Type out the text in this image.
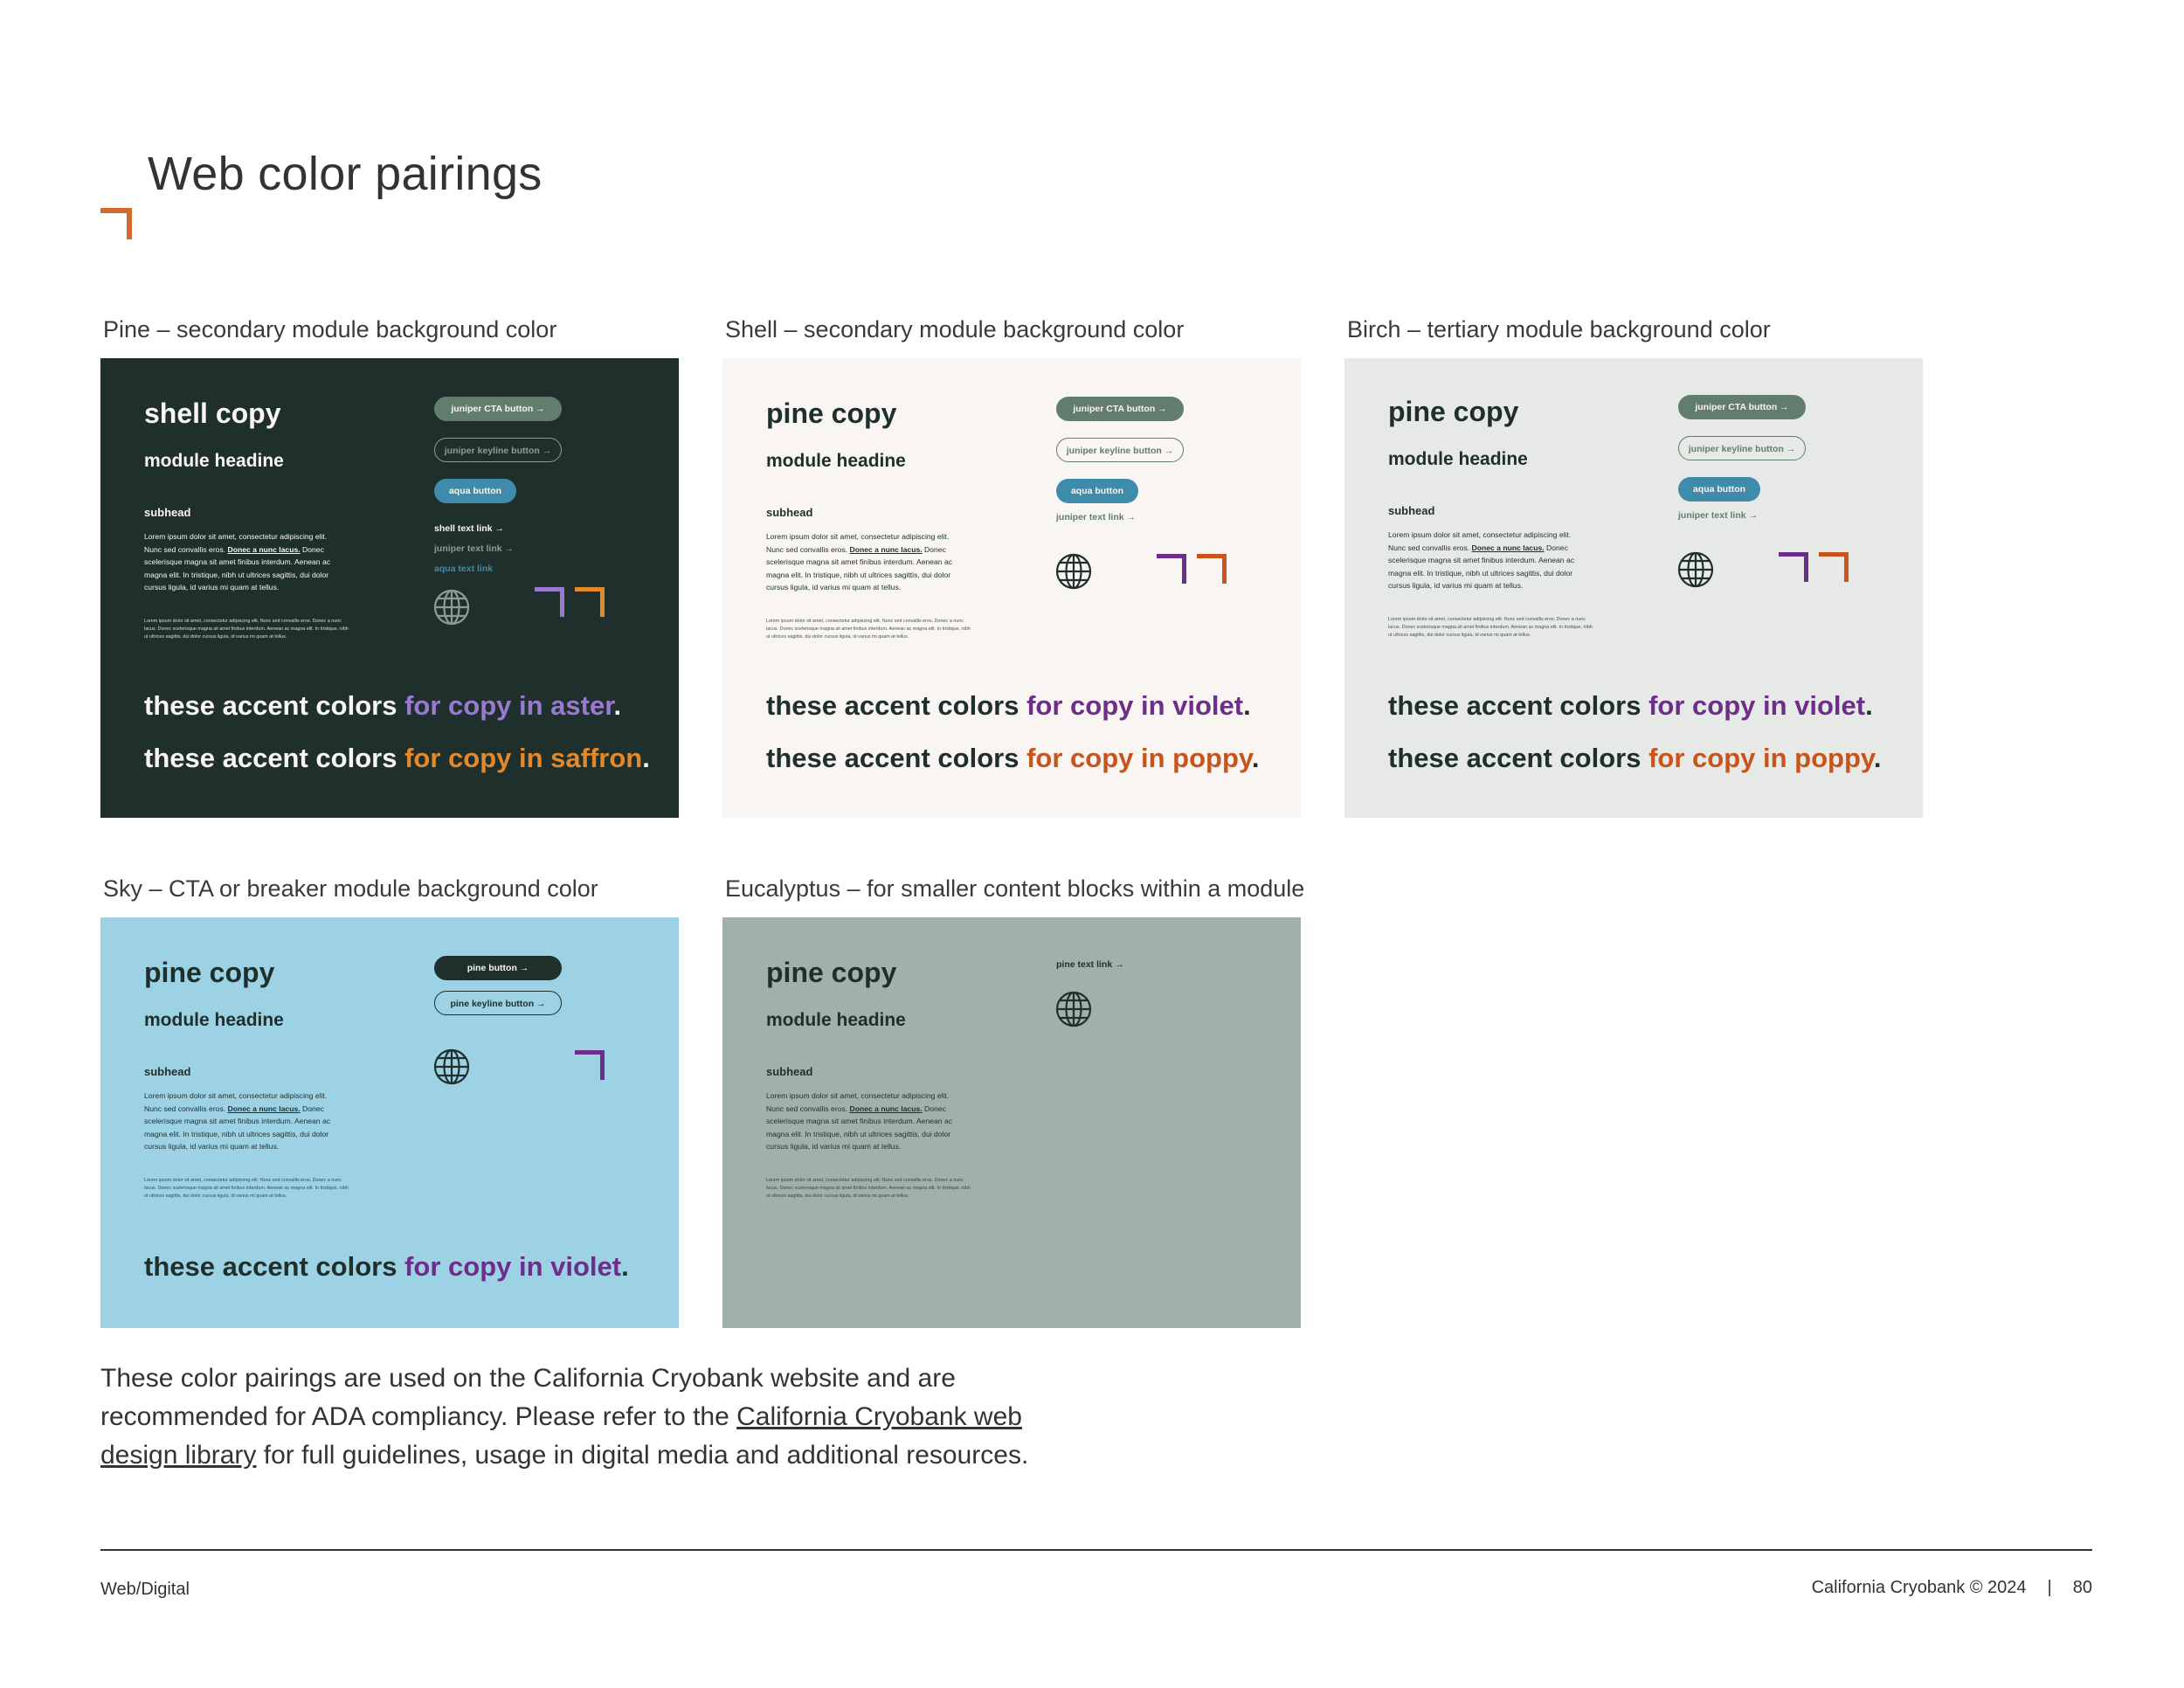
Web color pairings
Pine – secondary module background color
shell copy
module headine
subhead
Lorem ipsum dolor sit amet, consectetur adipiscing elit. Nunc sed convallis eros. Donec a nunc lacus. Donec scelerisque magna sit amet finibus interdum. Aenean ac magna elit. In tristique, nibh ut ultrices sagittis, dui dolor cursus ligula, id varius mi quam at tellus.
Lorem ipsum dolor sit amet, consectetur adipiscing elit. Nunc sed convallis eros. Donec a nunc lacus. Donec scelerisque magna sit amet finibus interdum. Aenean ac magna elit. In tristique, nibh ut ultrices sagittis, dui dolor cursus ligula, id varius mi quam at tellus.
juniper CTA button →
juniper keyline button →
aqua button
shell text link →
juniper text link →
aqua text link
these accent colors for copy in aster.
these accent colors for copy in saffron.
Shell – secondary module background color
pine copy
module headine
subhead
Lorem ipsum dolor sit amet, consectetur adipiscing elit. Nunc sed convallis eros. Donec a nunc lacus. Donec scelerisque magna sit amet finibus interdum. Aenean ac magna elit. In tristique, nibh ut ultrices sagittis, dui dolor cursus ligula, id varius mi quam at tellus.
Lorem ipsum dolor sit amet, consectetur adipiscing elit. Nunc sed convallis eros. Donec a nunc lacus. Donec scelerisque magna sit amet finibus interdum. Aenean ac magna elit. In tristique, nibh ut ultrices sagittis, dui dolor cursus ligula, id varius mi quam at tellus.
juniper CTA button →
juniper keyline button →
aqua button
juniper text link →
these accent colors for copy in violet.
these accent colors for copy in poppy.
Birch – tertiary module background color
pine copy
module headine
subhead
Lorem ipsum dolor sit amet, consectetur adipiscing elit. Nunc sed convallis eros. Donec a nunc lacus. Donec scelerisque magna sit amet finibus interdum. Aenean ac magna elit. In tristique, nibh ut ultrices sagittis, dui dolor cursus ligula, id varius mi quam at tellus.
Lorem ipsum dolor sit amet, consectetur adipiscing elit. Nunc sed convallis eros. Donec a nunc lacus. Donec scelerisque magna sit amet finibus interdum. Aenean ac magna elit. In tristique, nibh ut ultrices sagittis, dui dolor cursus ligula, id varius mi quam at tellus.
juniper CTA button →
juniper keyline button →
aqua button
juniper text link →
these accent colors for copy in violet.
these accent colors for copy in poppy.
Sky – CTA or breaker module background color
pine copy
module headine
subhead
Lorem ipsum dolor sit amet, consectetur adipiscing elit. Nunc sed convallis eros. Donec a nunc lacus. Donec scelerisque magna sit amet finibus interdum. Aenean ac magna elit. In tristique, nibh ut ultrices sagittis, dui dolor cursus ligula, id varius mi quam at tellus.
Lorem ipsum dolor sit amet, consectetur adipiscing elit. Nunc sed convallis eros. Donec a nunc lacus. Donec scelerisque magna sit amet finibus interdum. Aenean ac magna elit. In tristique, nibh ut ultrices sagittis, dui dolor cursus ligula, id varius mi quam at tellus.
pine button →
pine keyline button →
these accent colors for copy in violet.
Eucalyptus – for smaller content blocks within a module
pine copy
module headine
subhead
Lorem ipsum dolor sit amet, consectetur adipiscing elit. Nunc sed convallis eros. Donec a nunc lacus. Donec scelerisque magna sit amet finibus interdum. Aenean ac magna elit. In tristique, nibh ut ultrices sagittis, dui dolor cursus ligula, id varius mi quam at tellus.
Lorem ipsum dolor sit amet, consectetur adipiscing elit. Nunc sed convallis eros. Donec a nunc lacus. Donec scelerisque magna sit amet finibus interdum. Aenean ac magna elit. In tristique, nibh ut ultrices sagittis, dui dolor cursus ligula, id varius mi quam at tellus.
pine text link →

These color pairings are used on the California Cryobank website and are recommended for ADA compliancy. Please refer to the California Cryobank web design library for full guidelines, usage in digital media and additional resources.

Web/Digital	California Cryobank © 2024 | 80
